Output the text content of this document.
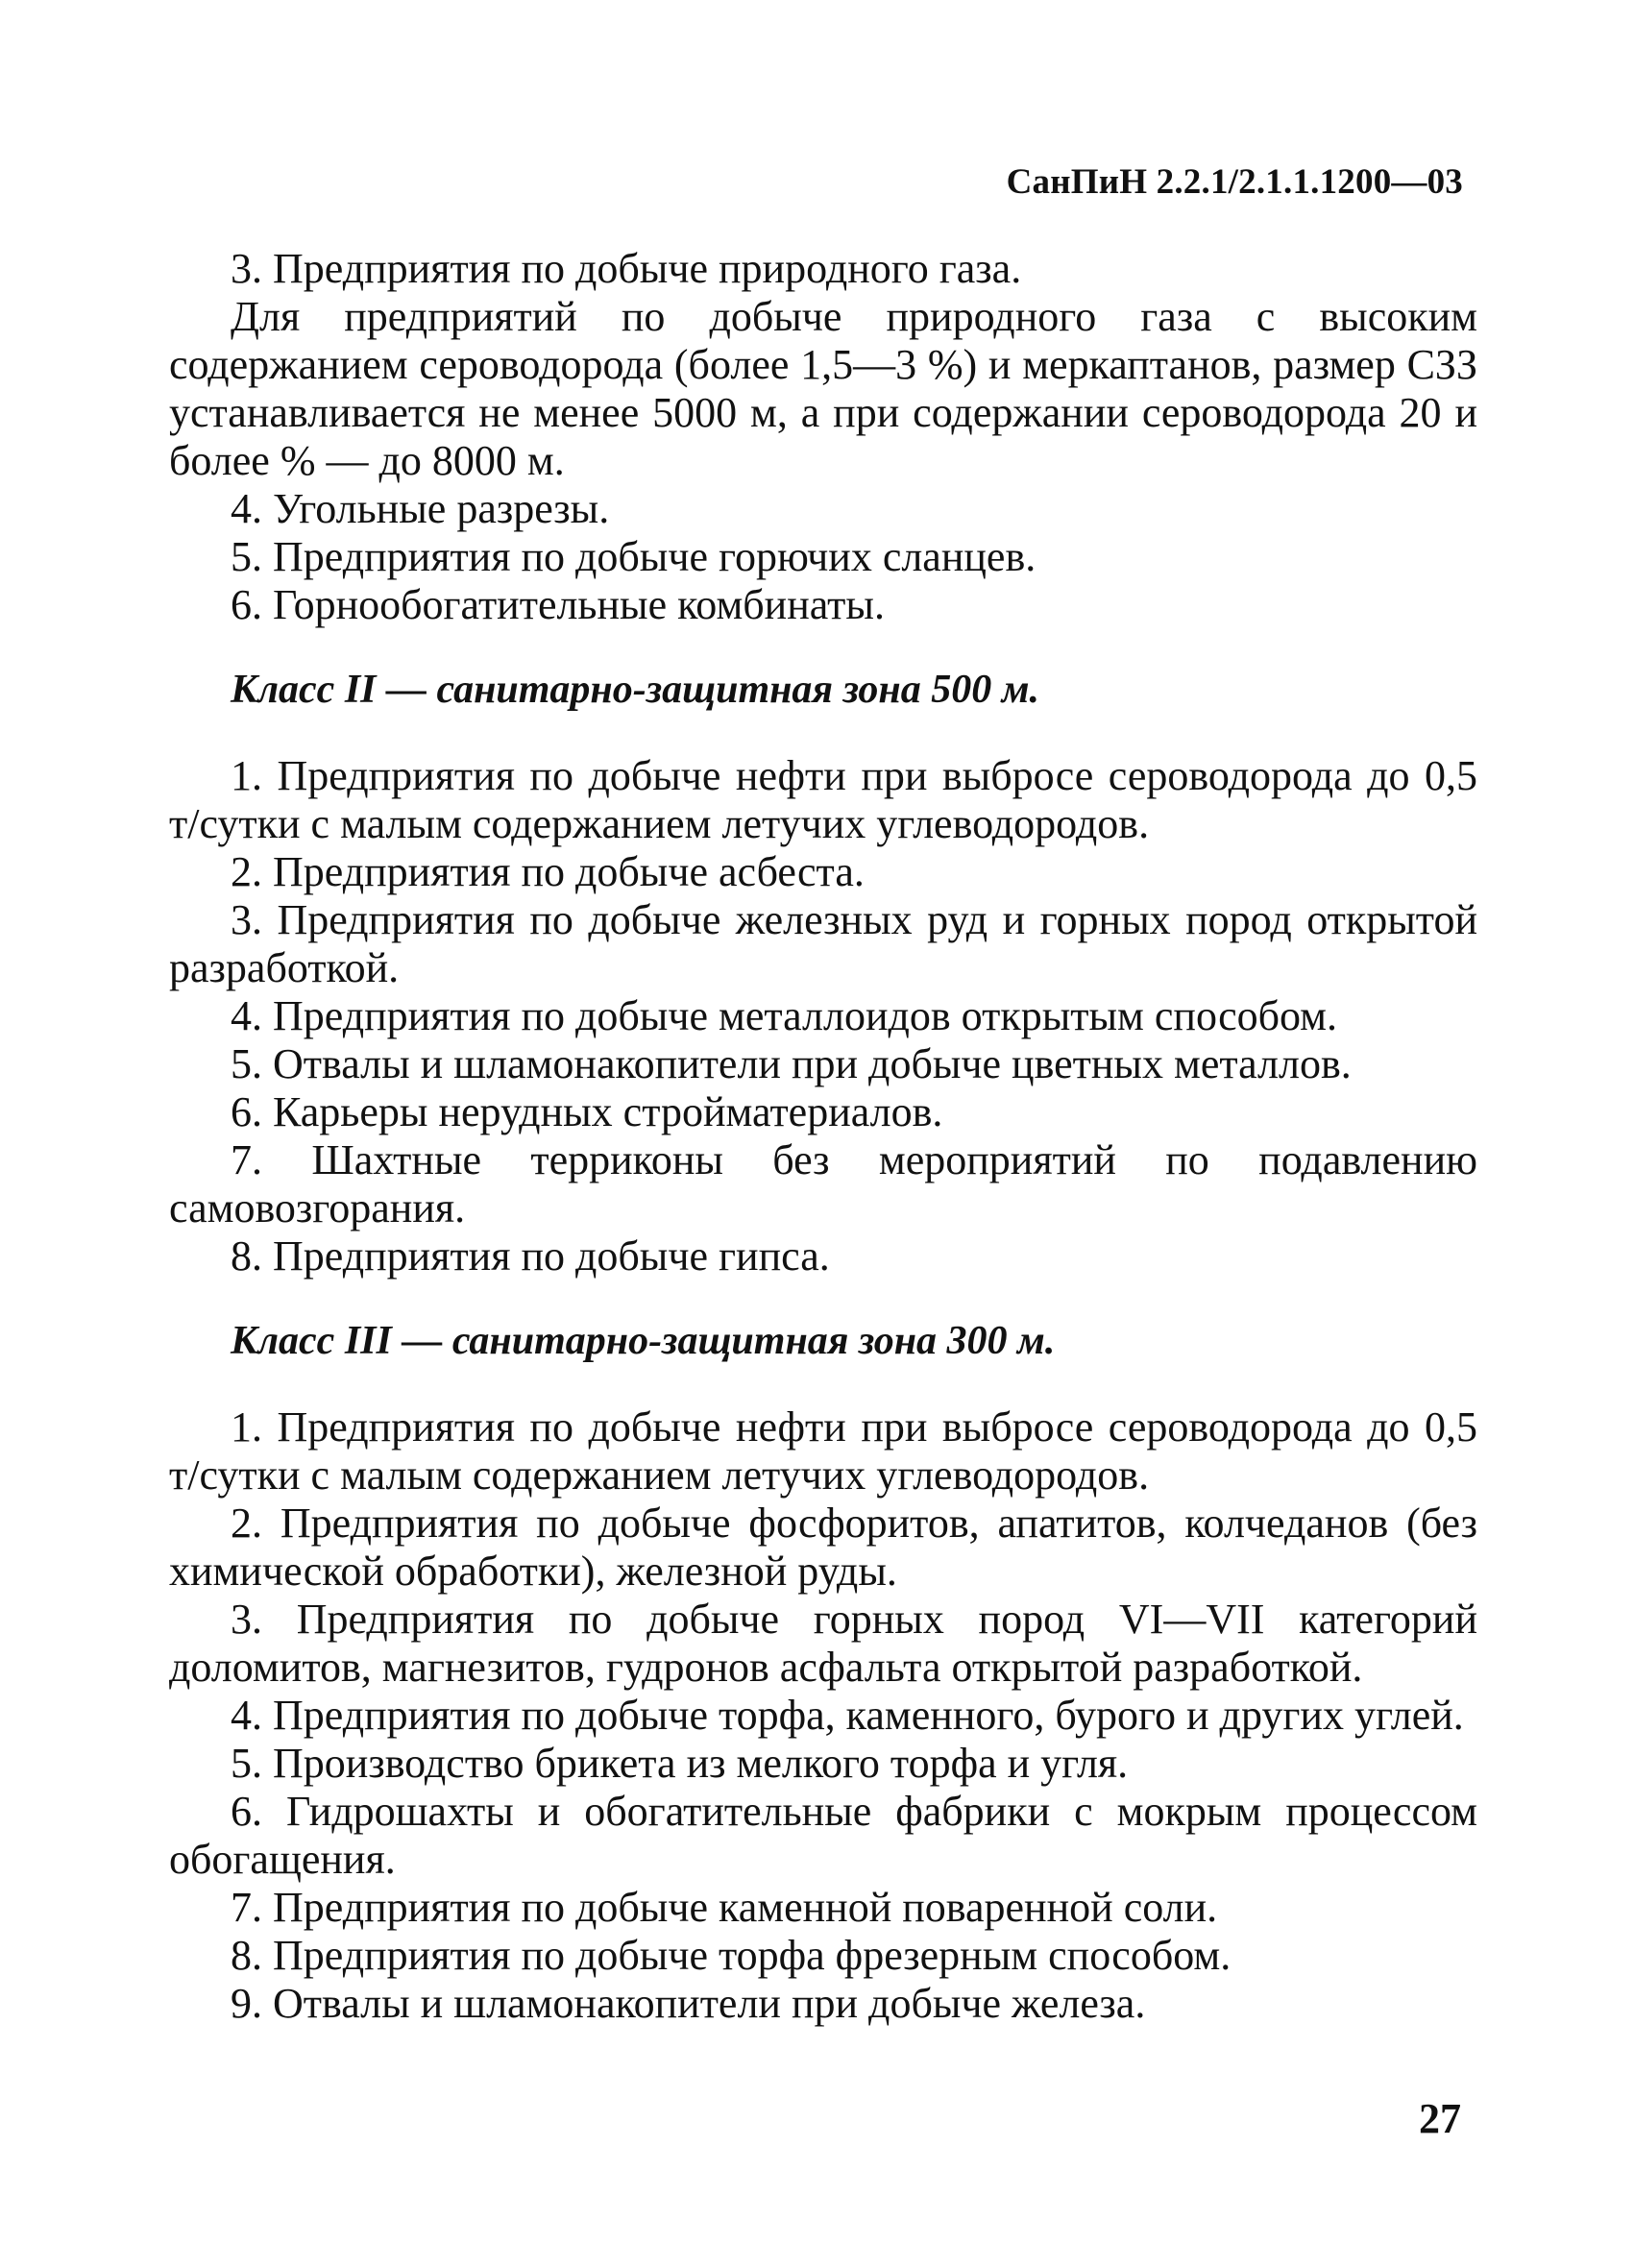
СанПиН 2.2.1/2.1.1.1200—03

3. Предприятия по добыче природного газа.

Для предприятий по добыче природного газа с высоким содержанием сероводорода (более 1,5—3 %) и меркаптанов, размер СЗЗ устанавливается не менее 5000 м, а при содержании сероводорода 20 и более % — до 8000 м.

4. Угольные разрезы.

5. Предприятия по добыче горючих сланцев.

6. Горнообогатительные комбинаты.

Класс II — санитарно-защитная зона 500 м.

1. Предприятия по добыче нефти при выбросе сероводорода до 0,5 т/сутки с малым содержанием летучих углеводородов.

2. Предприятия по добыче асбеста.

3. Предприятия по добыче железных руд и горных пород открытой разработкой.

4. Предприятия по добыче металлоидов открытым способом.

5. Отвалы и шламонакопители при добыче цветных металлов.

6. Карьеры нерудных стройматериалов.

7. Шахтные терриконы без мероприятий по подавлению самовозгорания.

8. Предприятия по добыче гипса.

Класс III — санитарно-защитная зона 300 м.

1. Предприятия по добыче нефти при выбросе сероводорода до 0,5 т/сутки с малым содержанием летучих углеводородов.

2. Предприятия по добыче фосфоритов, апатитов, колчеданов (без химической обработки), железной руды.

3. Предприятия по добыче горных пород VI—VII категорий доломитов, магнезитов, гудронов асфальта открытой разработкой.

4. Предприятия по добыче торфа, каменного, бурого и других углей.

5. Производство брикета из мелкого торфа и угля.

6. Гидрошахты и обогатительные фабрики с мокрым процессом обогащения.

7. Предприятия по добыче каменной поваренной соли.

8. Предприятия по добыче торфа фрезерным способом.

9. Отвалы и шламонакопители при добыче железа.

27
